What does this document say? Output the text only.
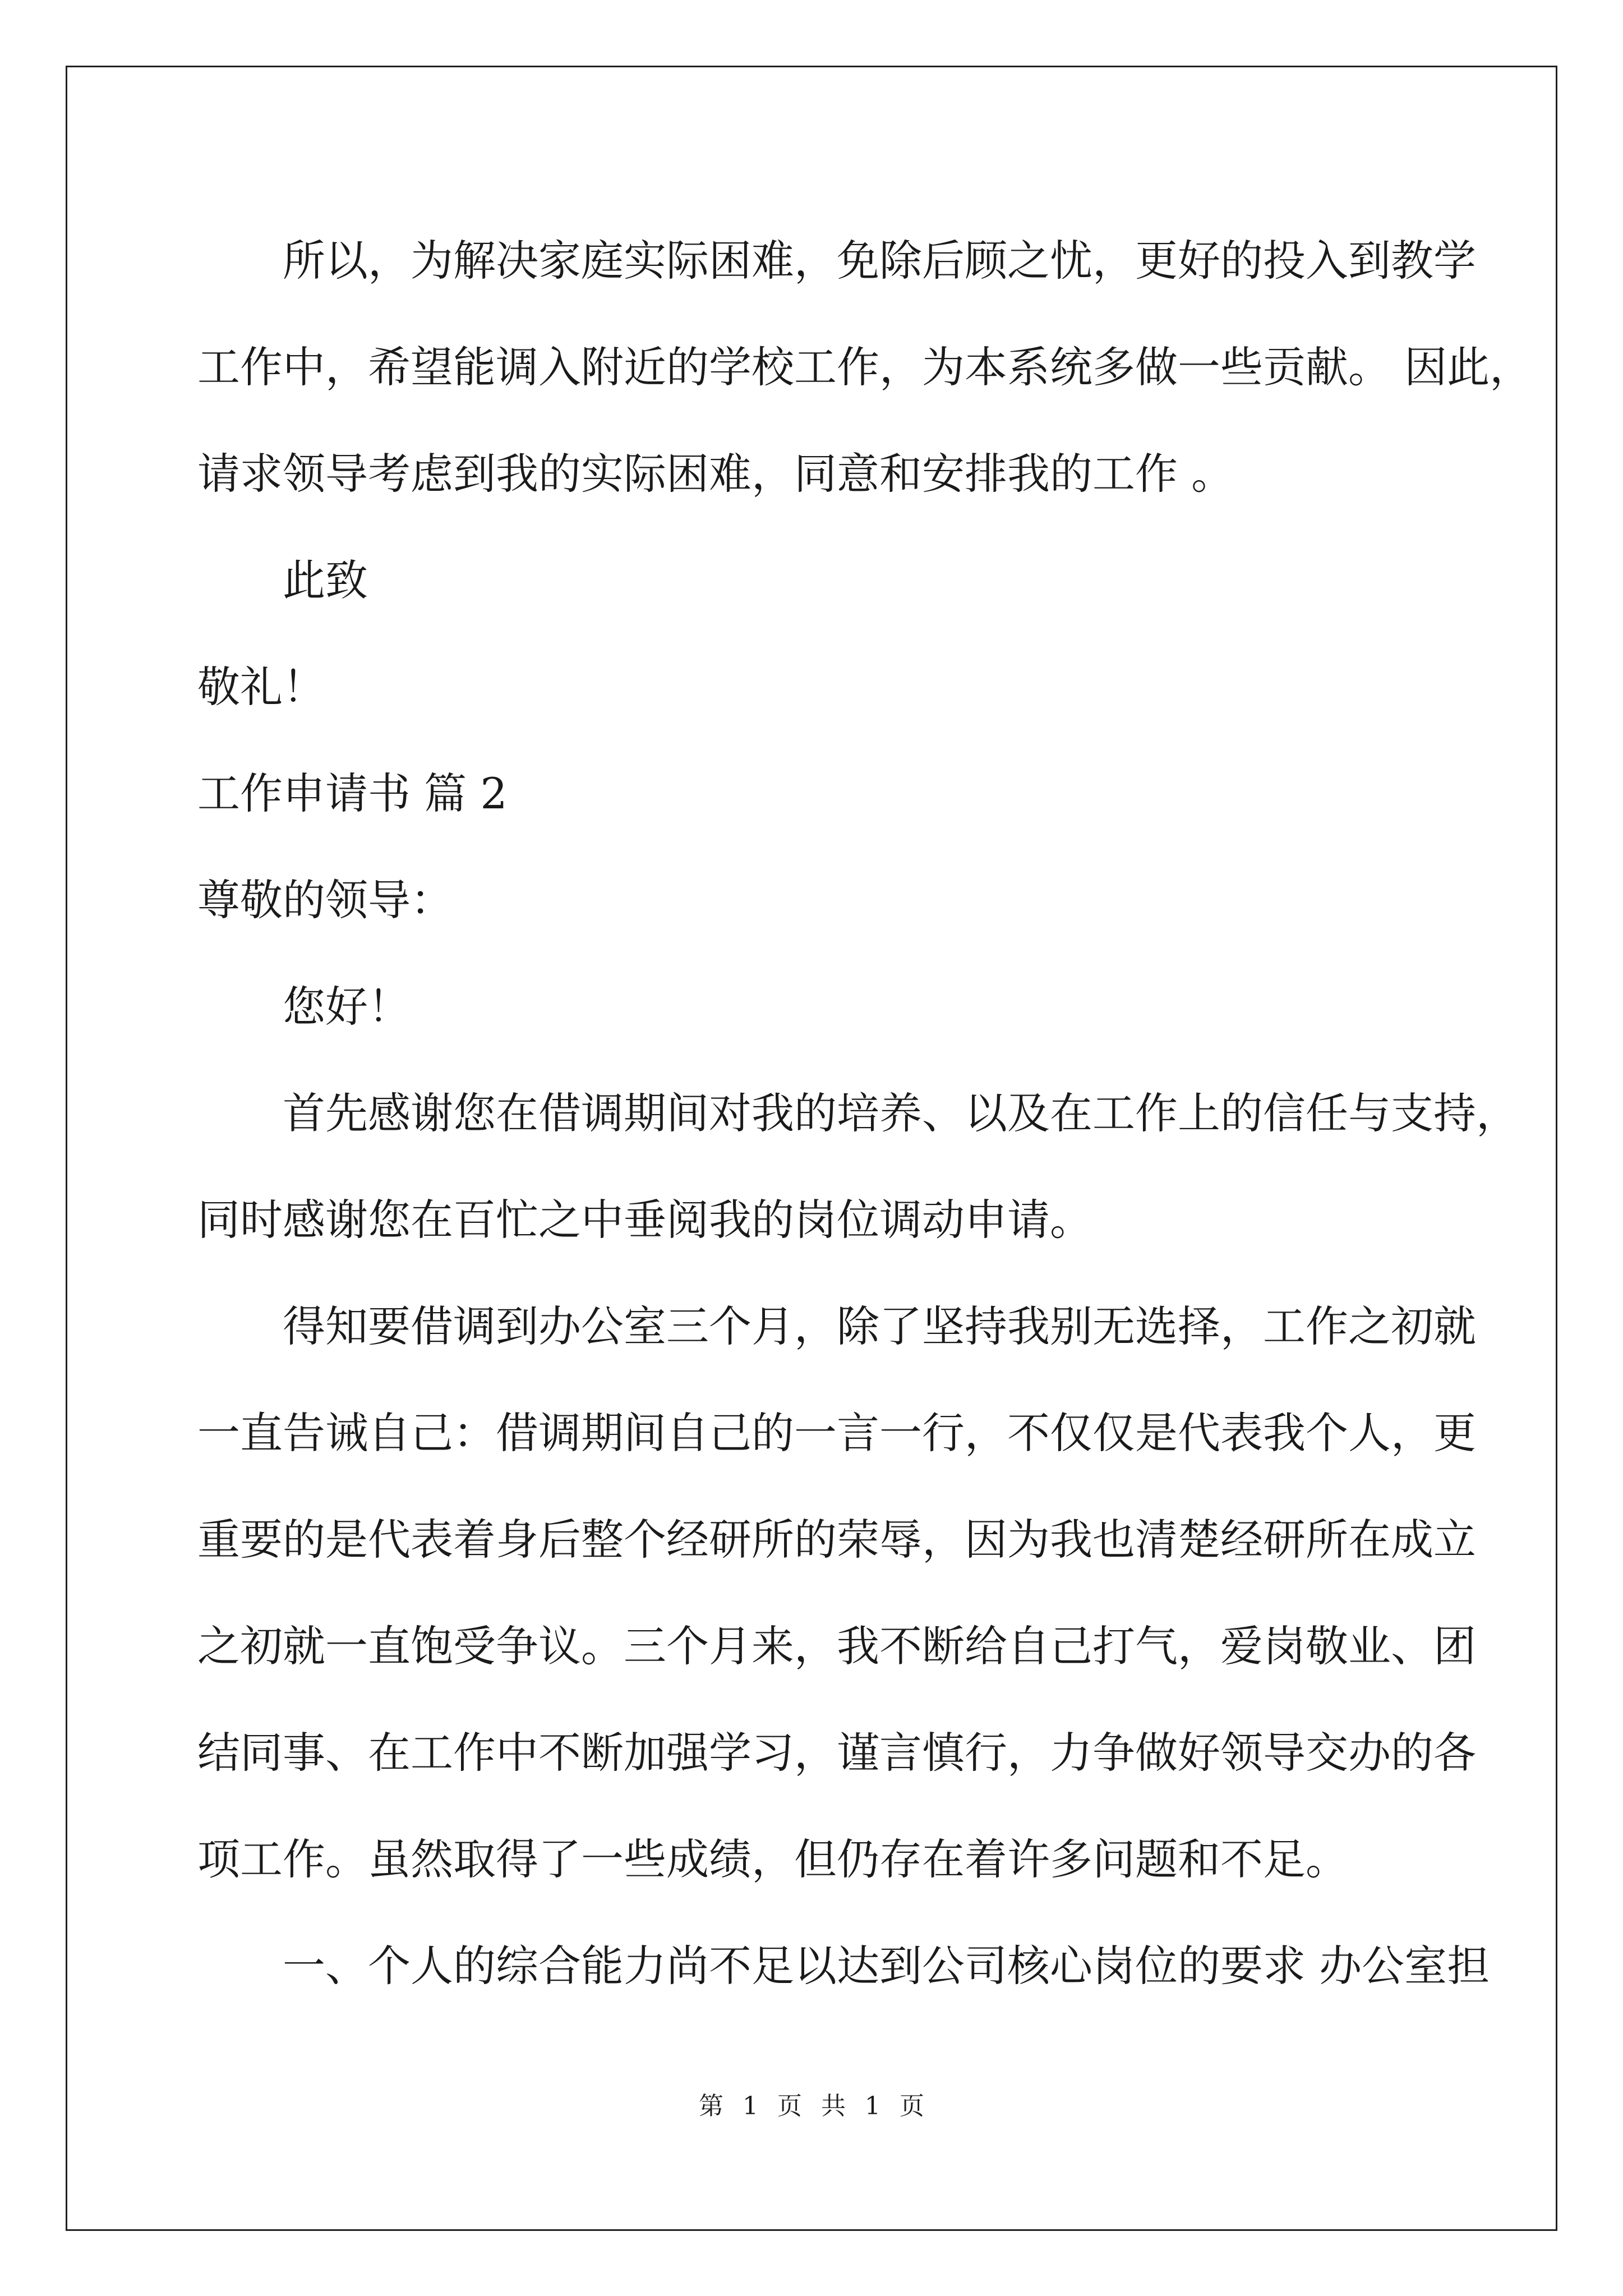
所以，为解决家庭实际困难，免除后顾之忧，更好的投入到教学

工作中，希望能调入附近的学校工作，为本系统多做一些贡献。 因此，

请求领导考虑到我的实际困难，同意和安排我的工作 。

此致

敬礼！

工作申请书 篇 2

尊敬的领导：

您好！

首先感谢您在借调期间对我的培养、以及在工作上的信任与支持，

同时感谢您在百忙之中垂阅我的岗位调动申请。

得知要借调到办公室三个月，除了坚持我别无选择，工作之初就

一直告诫自己：借调期间自己的一言一行，不仅仅是代表我个人，更

重要的是代表着身后整个经研所的荣辱，因为我也清楚经研所在成立

之初就一直饱受争议。三个月来，我不断给自己打气，爱岗敬业、团

结同事、在工作中不断加强学习，谨言慎行，力争做好领导交办的各

项工作。虽然取得了一些成绩，但仍存在着许多问题和不足。

一、个人的综合能力尚不足以达到公司核心岗位的要求 办公室担

第 1 页 共 1 页
